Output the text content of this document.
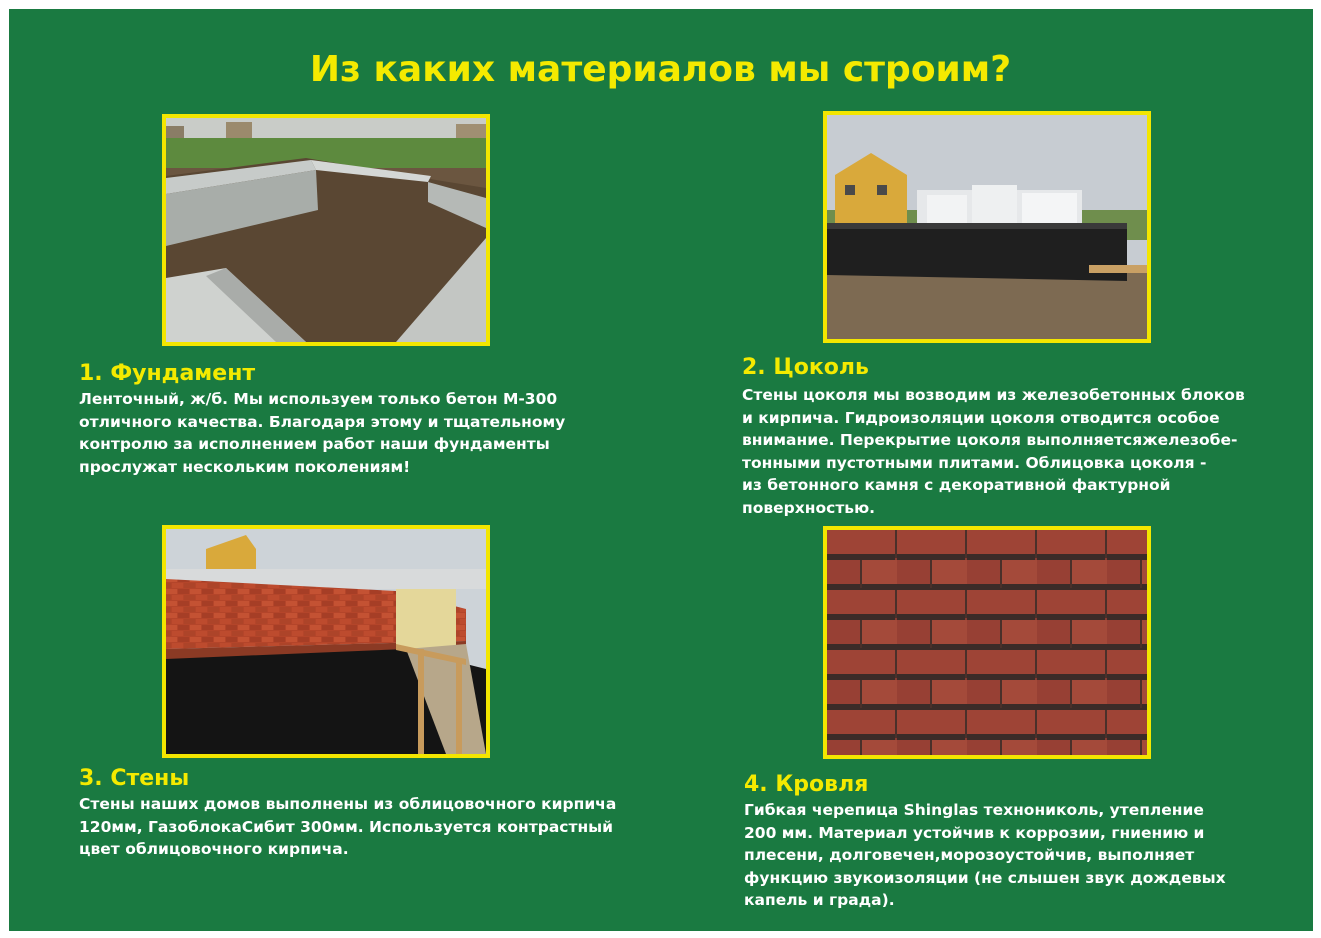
Из каких материалов мы строим?
1. Фундамент

Ленточный, ж/б. Мы используем только бетон М-300
отличного качества. Благодаря этому и тщательному
контролю за исполнением работ наши фундаменты
прослужат нескольким поколениям!

2. Цоколь

Стены цоколя мы возводим из железобетонных блоков
и кирпича. Гидроизоляции цоколя отводится особое
внимание. Перекрытие цоколя выполняетсяжелезобе-
тонными пустотными плитами. Облицовка цоколя -
из бетонного камня с декоративной фактурной
поверхностью.

3. Стены

Стены наших домов выполнены из облицовочного кирпича
120мм, ГазоблокаСибит 300мм. Используется контрастный
цвет облицовочного кирпича.

4. Кровля

Гибкая черепица Shinglas технониколь, утепление
200 мм. Материал устойчив к коррозии, гниению и
плесени, долговечен,морозоустойчив, выполняет
функцию звукоизоляции (не слышен звук дождевых
капель и града).
